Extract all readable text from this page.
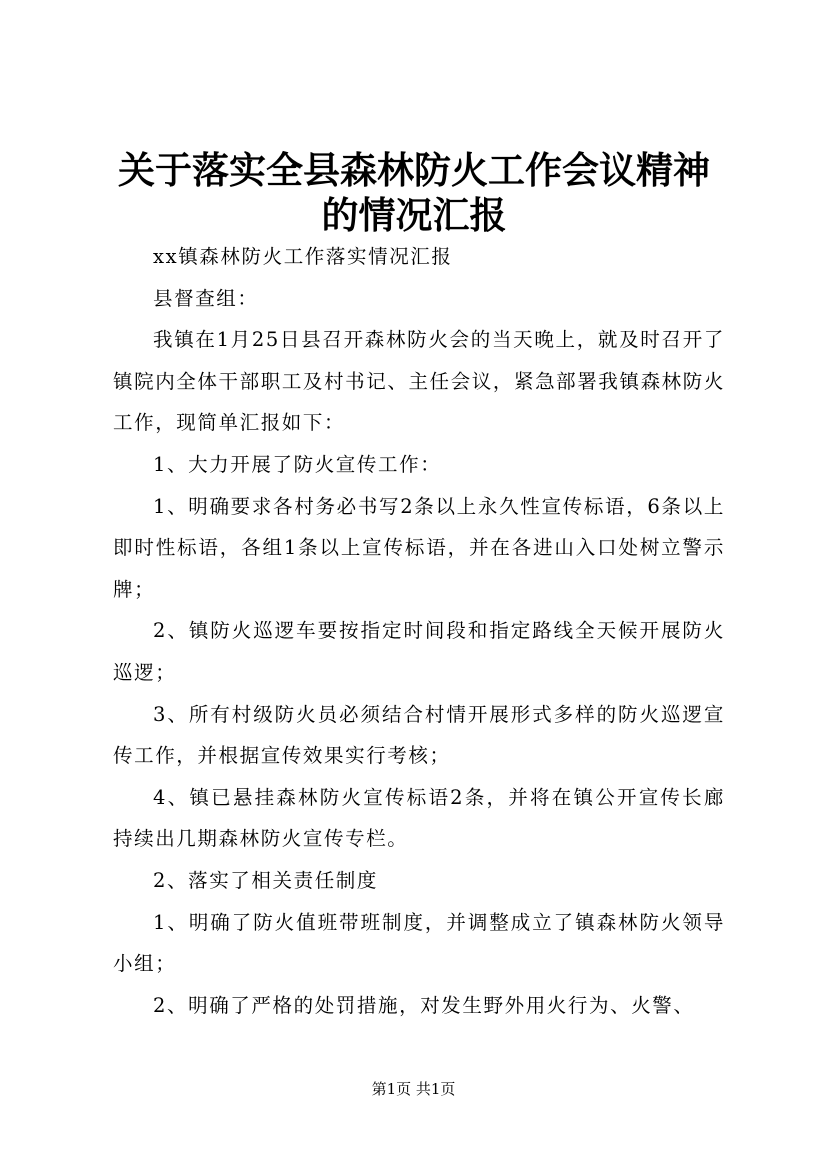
关于落实全县森林防火工作会议精神的情况汇报

xx镇森林防火工作落实情况汇报

县督查组：

我镇在1月25日县召开森林防火会的当天晚上，就及时召开了镇院内全体干部职工及村书记、主任会议，紧急部署我镇森林防火工作，现简单汇报如下：

1、大力开展了防火宣传工作：

1、明确要求各村务必书写2条以上永久性宣传标语，6条以上即时性标语，各组1条以上宣传标语，并在各进山入口处树立警示牌；

2、镇防火巡逻车要按指定时间段和指定路线全天候开展防火巡逻；

3、所有村级防火员必须结合村情开展形式多样的防火巡逻宣传工作，并根据宣传效果实行考核；

4、镇已悬挂森林防火宣传标语2条，并将在镇公开宣传长廊持续出几期森林防火宣传专栏。

2、落实了相关责任制度

1、明确了防火值班带班制度，并调整成立了镇森林防火领导小组；

2、明确了严格的处罚措施，对发生野外用火行为、火警、

第1页 共1页
